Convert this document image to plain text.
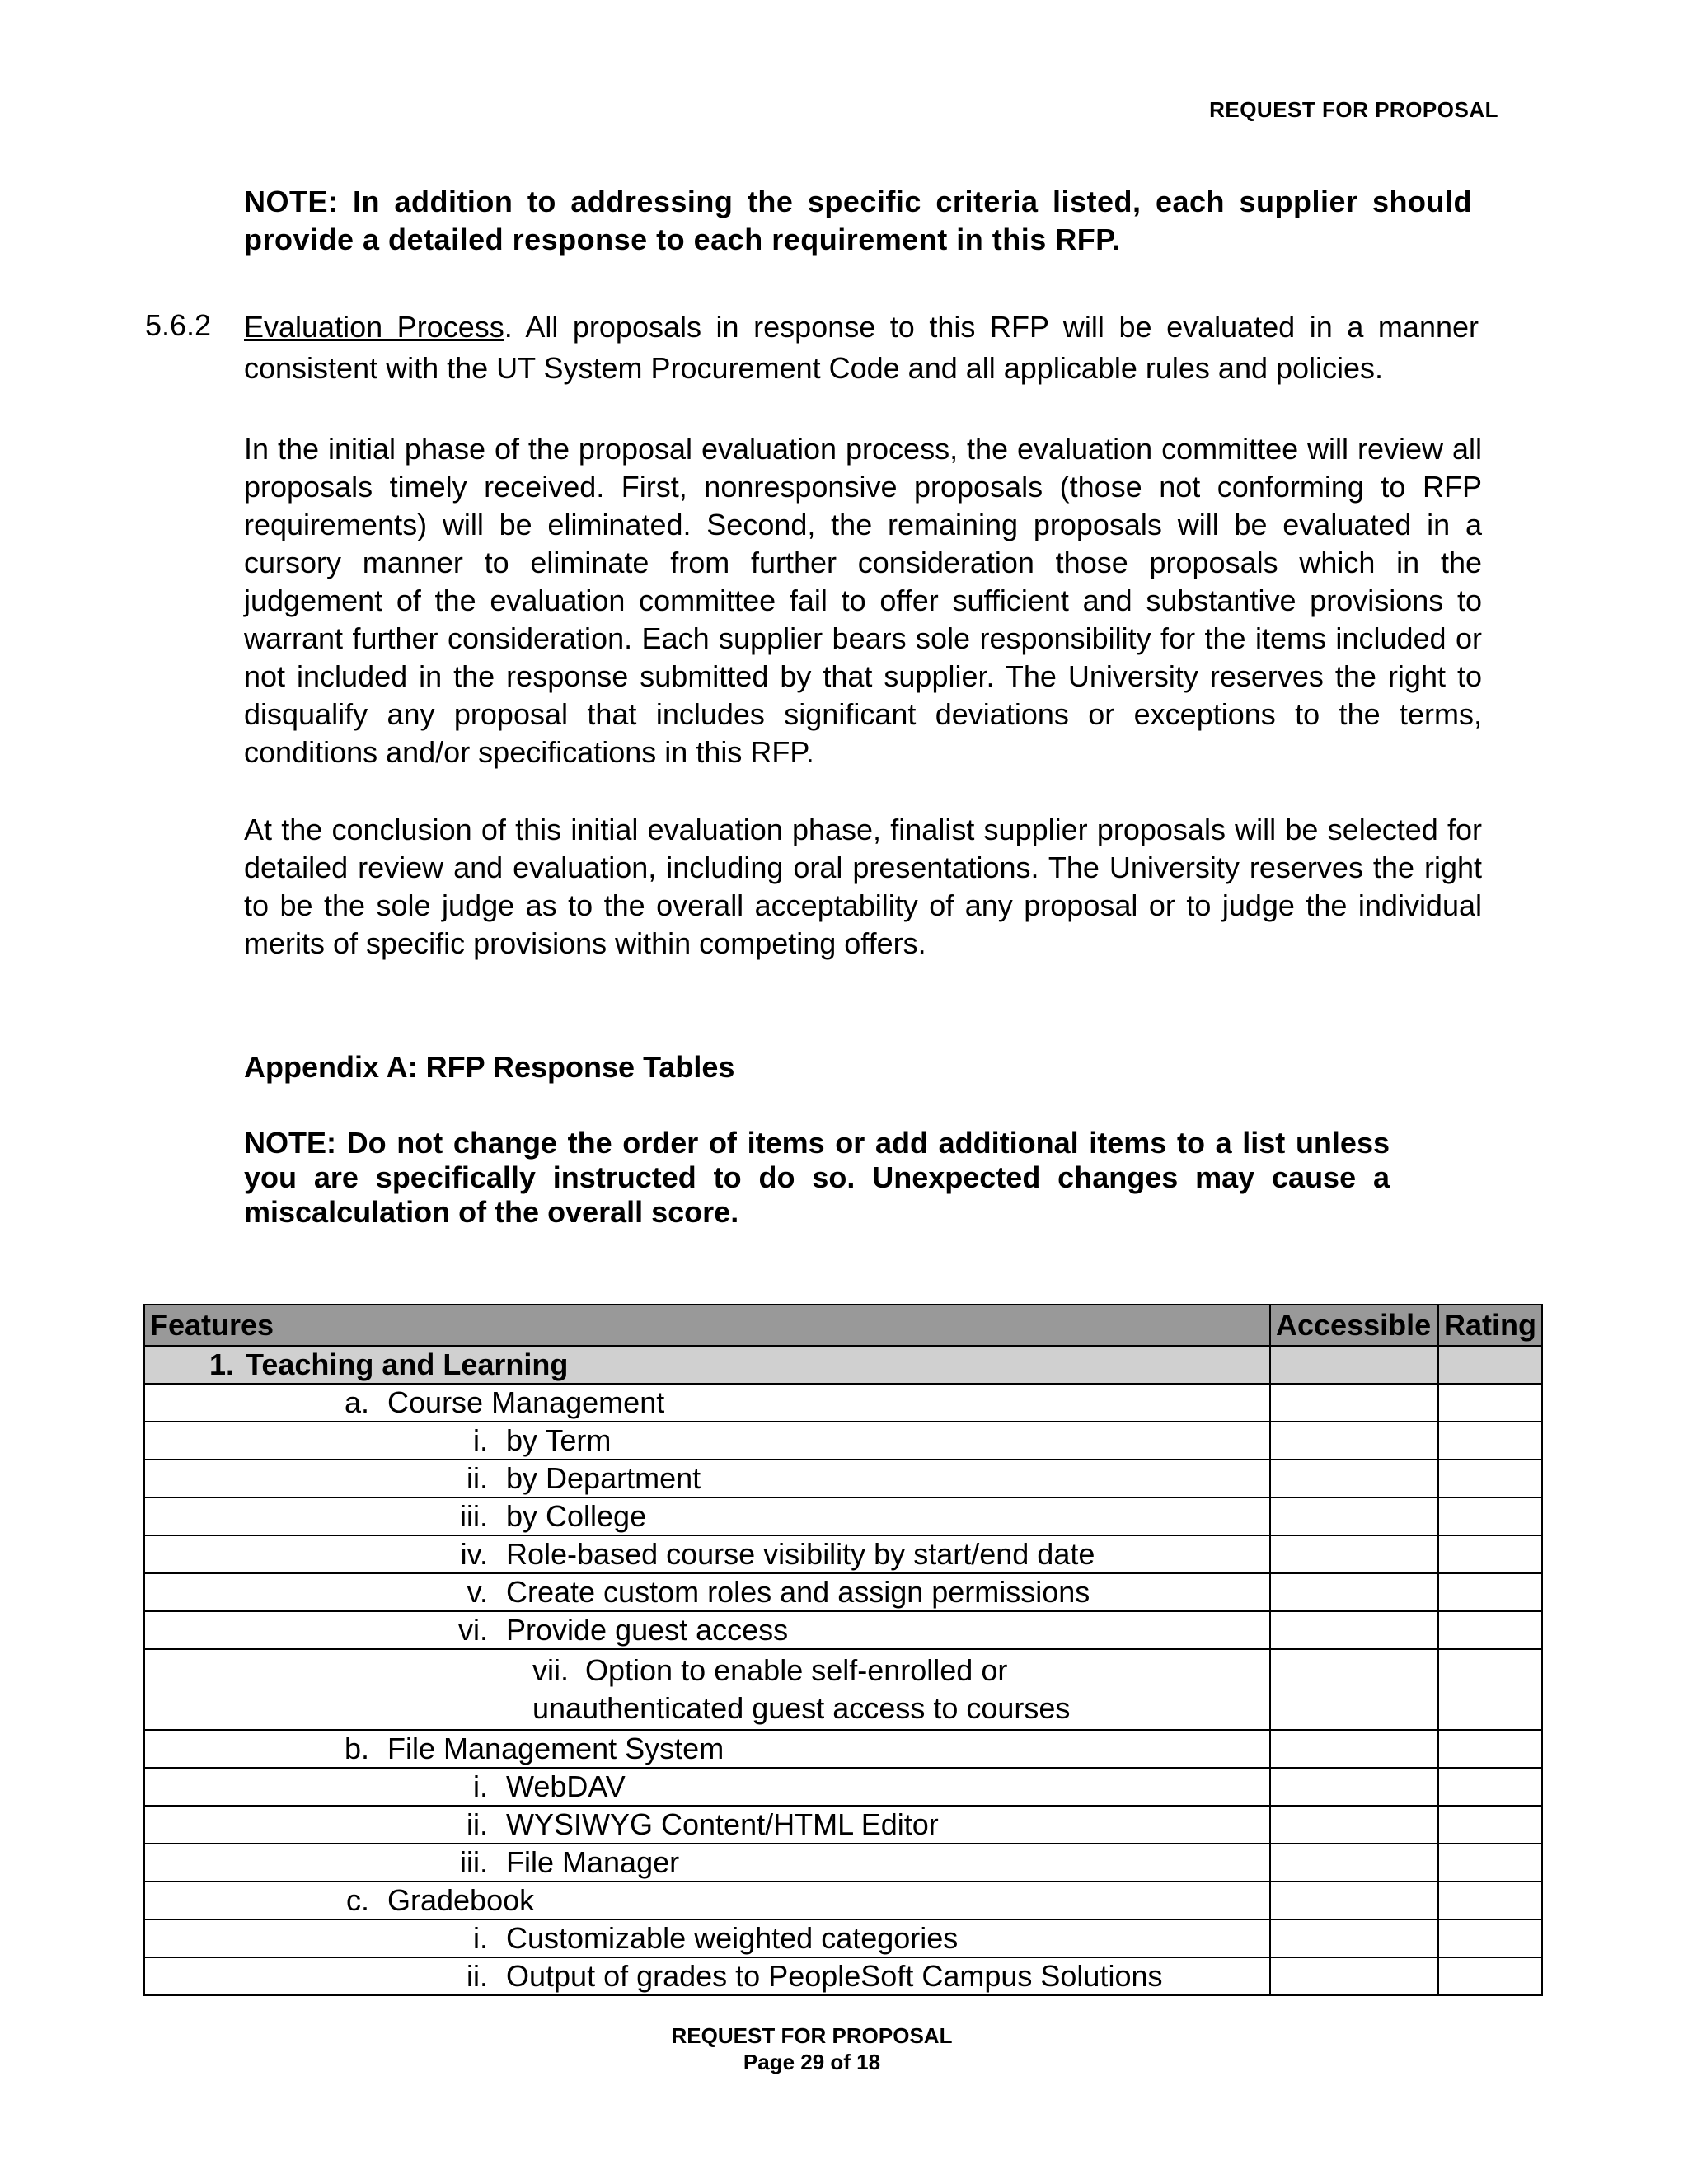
REQUEST FOR PROPOSAL
NOTE: In addition to addressing the specific criteria listed, each supplier should provide a detailed response to each requirement in this RFP.
5.6.2 Evaluation Process. All proposals in response to this RFP will be evaluated in a manner consistent with the UT System Procurement Code and all applicable rules and policies.
In the initial phase of the proposal evaluation process, the evaluation committee will review all proposals timely received. First, nonresponsive proposals (those not conforming to RFP requirements) will be eliminated. Second, the remaining proposals will be evaluated in a cursory manner to eliminate from further consideration those proposals which in the judgement of the evaluation committee fail to offer sufficient and substantive provisions to warrant further consideration. Each supplier bears sole responsibility for the items included or not included in the response submitted by that supplier. The University reserves the right to disqualify any proposal that includes significant deviations or exceptions to the terms, conditions and/or specifications in this RFP.
At the conclusion of this initial evaluation phase, finalist supplier proposals will be selected for detailed review and evaluation, including oral presentations. The University reserves the right to be the sole judge as to the overall acceptability of any proposal or to judge the individual merits of specific provisions within competing offers.
Appendix A: RFP Response Tables
NOTE: Do not change the order of items or add additional items to a list unless you are specifically instructed to do so. Unexpected changes may cause a miscalculation of the overall score.
Features	Accessible	Rating
1. Teaching and Learning		
a. Course Management		
i. by Term		
ii. by Department		
iii. by College		
iv. Role-based course visibility by start/end date		
v. Create custom roles and assign permissions		
vi. Provide guest access		
vii. Option to enable self-enrolled or unauthenticated guest access to courses		
b. File Management System		
i. WebDAV		
ii. WYSIWYG Content/HTML Editor		
iii. File Manager		
c. Gradebook		
i. Customizable weighted categories		
ii. Output of grades to PeopleSoft Campus Solutions		
REQUEST FOR PROPOSAL
Page 29 of 18
